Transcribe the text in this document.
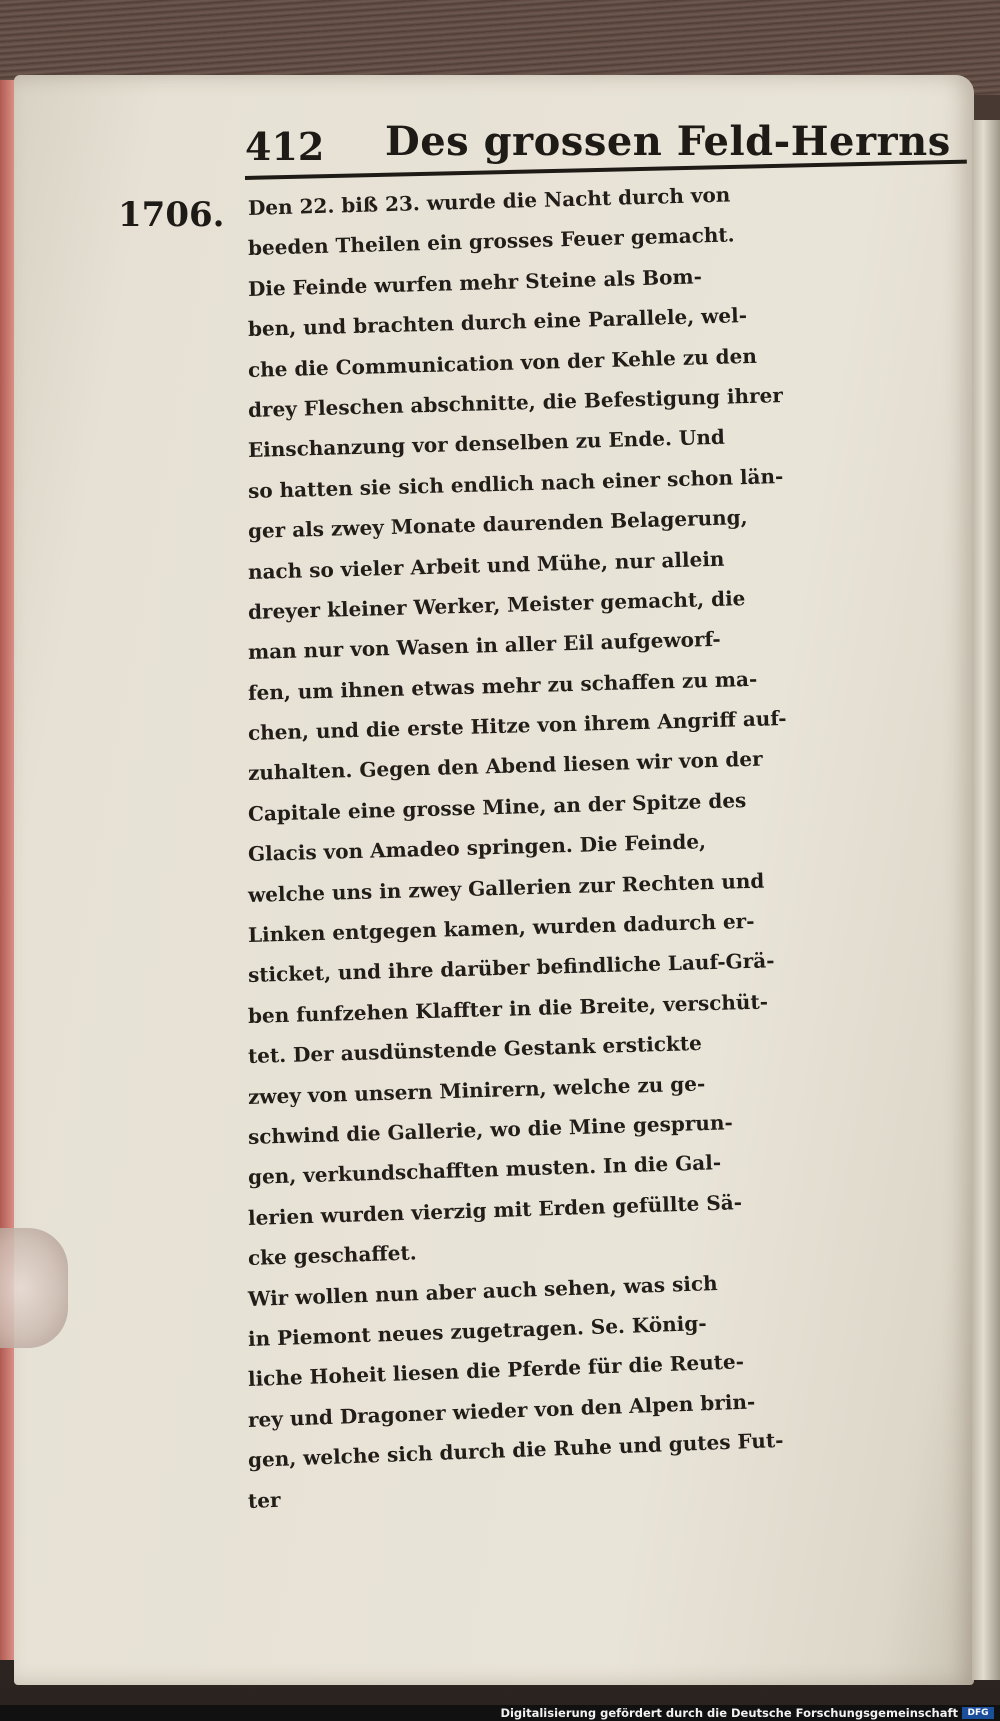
412 Des grossen Feld-Herrns
1706. Den 22. biß 23. wurde die Nacht durch von
beeden Theilen ein grosses Feuer gemacht.
Die Feinde wurfen mehr Steine als Bom-
ben, und brachten durch eine Parallele, wel-
che die Communication von der Kehle zu den
drey Fleschen abschnitte, die Befestigung ihrer
Einschanzung vor denselben zu Ende. Und
so hatten sie sich endlich nach einer schon län-
ger als zwey Monate daurenden Belagerung,
nach so vieler Arbeit und Mühe, nur allein
dreyer kleiner Werker, Meister gemacht, die
man nur von Wasen in aller Eil aufgeworf-
fen, um ihnen etwas mehr zu schaffen zu ma-
chen, und die erste Hitze von ihrem Angriff auf-
zuhalten. Gegen den Abend liesen wir von der
Capitale eine grosse Mine, an der Spitze des
Glacis von Amadeo springen. Die Feinde,
welche uns in zwey Gallerien zur Rechten und
Linken entgegen kamen, wurden dadurch er-
sticket, und ihre darüber befindliche Lauf-Grä-
ben funfzehen Klaffter in die Breite, verschüt-
tet. Der ausdünstende Gestank erstickte
zwey von unsern Minirern, welche zu ge-
schwind die Gallerie, wo die Mine gesprun-
gen, verkundschafften musten. In die Gal-
lerien wurden vierzig mit Erden gefüllte Sä-
cke geschaffet.
Wir wollen nun aber auch sehen, was sich
in Piemont neues zugetragen. Se. König-
liche Hoheit liesen die Pferde für die Reute-
rey und Dragoner wieder von den Alpen brin-
gen, welche sich durch die Ruhe und gutes Fut-
ter
Digitalisierung gefördert durch die Deutsche Forschungsgemeinschaft	DFG
